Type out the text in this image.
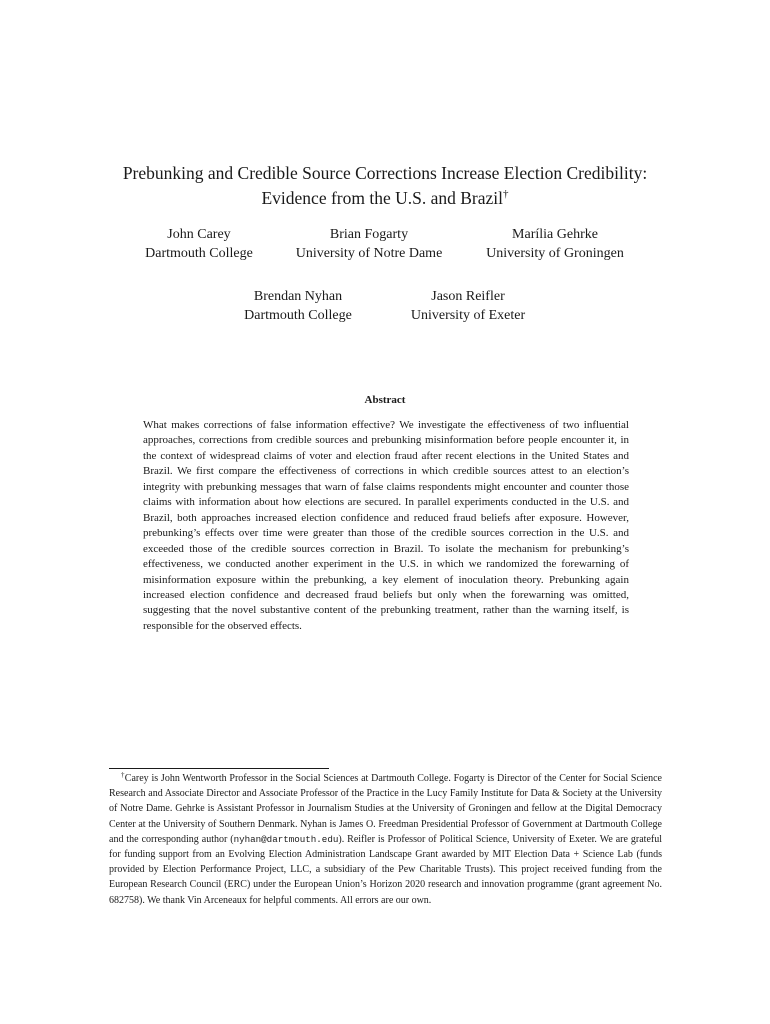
Prebunking and Credible Source Corrections Increase Election Credibility:
Evidence from the U.S. and Brazil†
John Carey
Dartmouth College
Brian Fogarty
University of Notre Dame
Marília Gehrke
University of Groningen
Brendan Nyhan
Dartmouth College
Jason Reifler
University of Exeter
Abstract

What makes corrections of false information effective? We investigate the effectiveness of two influential approaches, corrections from credible sources and prebunking misinformation before people encounter it, in the context of widespread claims of voter and election fraud after recent elections in the United States and Brazil. We first compare the effectiveness of corrections in which credible sources attest to an election’s integrity with prebunking messages that warn of false claims respondents might encounter and counter those claims with information about how elections are secured. In parallel experiments conducted in the U.S. and Brazil, both approaches increased election confidence and reduced fraud beliefs after exposure. However, prebunking’s effects over time were greater than those of the credible sources correction in the U.S. and exceeded those of the credible sources correction in Brazil. To isolate the mechanism for prebunking’s effectiveness, we conducted another experiment in the U.S. in which we randomized the forewarning of misinformation exposure within the prebunking, a key element of inoculation theory. Prebunking again increased election confidence and decreased fraud beliefs but only when the forewarning was omitted, suggesting that the novel substantive content of the prebunking treatment, rather than the warning itself, is responsible for the observed effects.

†Carey is John Wentworth Professor in the Social Sciences at Dartmouth College. Fogarty is Director of the Center for Social Science Research and Associate Director and Associate Professor of the Practice in the Lucy Family Institute for Data & Society at the University of Notre Dame. Gehrke is Assistant Professor in Journalism Studies at the University of Groningen and fellow at the Digital Democracy Center at the University of Southern Denmark. Nyhan is James O. Freedman Presidential Professor of Government at Dartmouth College and the corresponding author (nyhan@dartmouth.edu). Reifler is Professor of Political Science, University of Exeter. We are grateful for funding support from an Evolving Election Administration Landscape Grant awarded by MIT Election Data + Science Lab (funds provided by Election Performance Project, LLC, a subsidiary of the Pew Charitable Trusts). This project received funding from the European Research Council (ERC) under the European Union’s Horizon 2020 research and innovation programme (grant agreement No. 682758). We thank Vin Arceneaux for helpful comments. All errors are our own.
